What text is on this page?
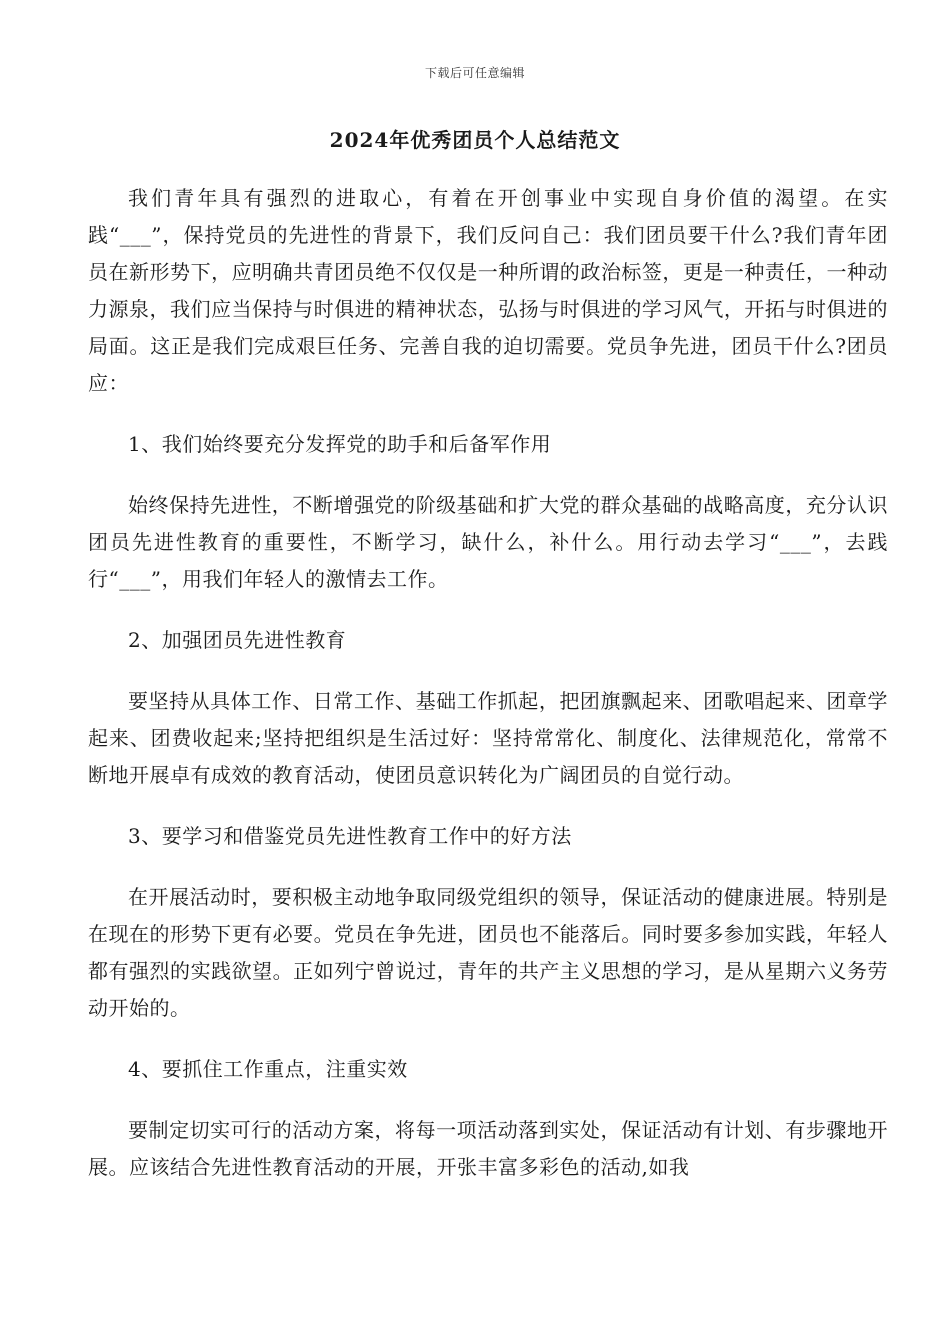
下载后可任意编辑
2024年优秀团员个人总结范文

我们青年具有强烈的进取心，有着在开创事业中实现自身价值的渴望。在实践“___”，保持党员的先进性的背景下，我们反问自己：我们团员要干什么?我们青年团员在新形势下，应明确共青团员绝不仅仅是一种所谓的政治标签，更是一种责任，一种动力源泉，我们应当保持与时俱进的精神状态，弘扬与时俱进的学习风气，开拓与时俱进的局面。这正是我们完成艰巨任务、完善自我的迫切需要。党员争先进，团员干什么?团员应：

1、我们始终要充分发挥党的助手和后备军作用

始终保持先进性，不断增强党的阶级基础和扩大党的群众基础的战略高度，充分认识团员先进性教育的重要性，不断学习，缺什么，补什么。用行动去学习“___”，去践行“___”，用我们年轻人的激情去工作。

2、加强团员先进性教育

要坚持从具体工作、日常工作、基础工作抓起，把团旗飘起来、团歌唱起来、团章学起来、团费收起来;坚持把组织是生活过好：坚持常常化、制度化、法律规范化，常常不断地开展卓有成效的教育活动，使团员意识转化为广阔团员的自觉行动。

3、要学习和借鉴党员先进性教育工作中的好方法

在开展活动时，要积极主动地争取同级党组织的领导，保证活动的健康进展。特别是在现在的形势下更有必要。党员在争先进，团员也不能落后。同时要多参加实践，年轻人都有强烈的实践欲望。正如列宁曾说过，青年的共产主义思想的学习，是从星期六义务劳动开始的。

4、要抓住工作重点，注重实效

要制定切实可行的活动方案，将每一项活动落到实处，保证活动有计划、有步骤地开展。应该结合先进性教育活动的开展，开张丰富多彩色的活动,如我
